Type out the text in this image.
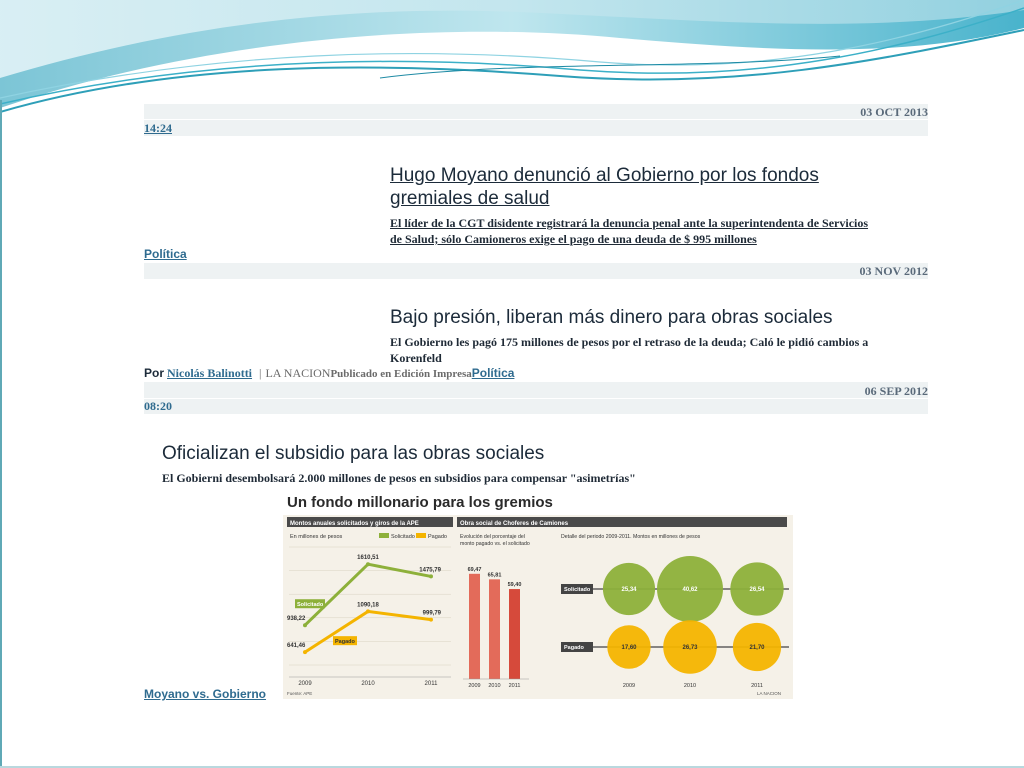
03 OCT 2013
14:24
Hugo Moyano denunció al Gobierno por los fondos
gremiales de salud
El líder de la CGT disidente registrará la denuncia penal ante la superintendenta de Servicios
de Salud; sólo Camioneros exige el pago de una deuda de $ 995 millones
Política
03 NOV 2012
Bajo presión, liberan más dinero para obras sociales
El Gobierno les pagó 175 millones de pesos por el retraso de la deuda; Caló le pidió cambios a
Korenfeld
Por Nicolás Balinotti | LA NACIONPublicado en Edición ImpresaPolítica
06 SEP 2012
08:20
Oficializan el subsidio para las obras sociales
El Gobierni desembolsará 2.000 millones de pesos en subsidios para compensar "asimetrías"
Un fondo millonario para los gremios
Montos anuales solicitados y giros de la APE
En millones de pesos	Solicitado Pagado
938,22
1610,51
1475,79
641,46
1090,18
999,79
Solicitado
Pagado
2009	2010	2011
Obra social de Choferes de Camiones
Evolución del porcentaje del
monto pagado vs. el solicitado
69,47
2009
65,81
2010
59,40
2011
Detalle del periodo 2009-2011. Montos en millones de pesos
Solicitado
Pagado
25,34	40,62	26,54
17,60	26,73	21,70
2009	2010	2011
Fuente: APE	LA NACION
Moyano vs. Gobierno
